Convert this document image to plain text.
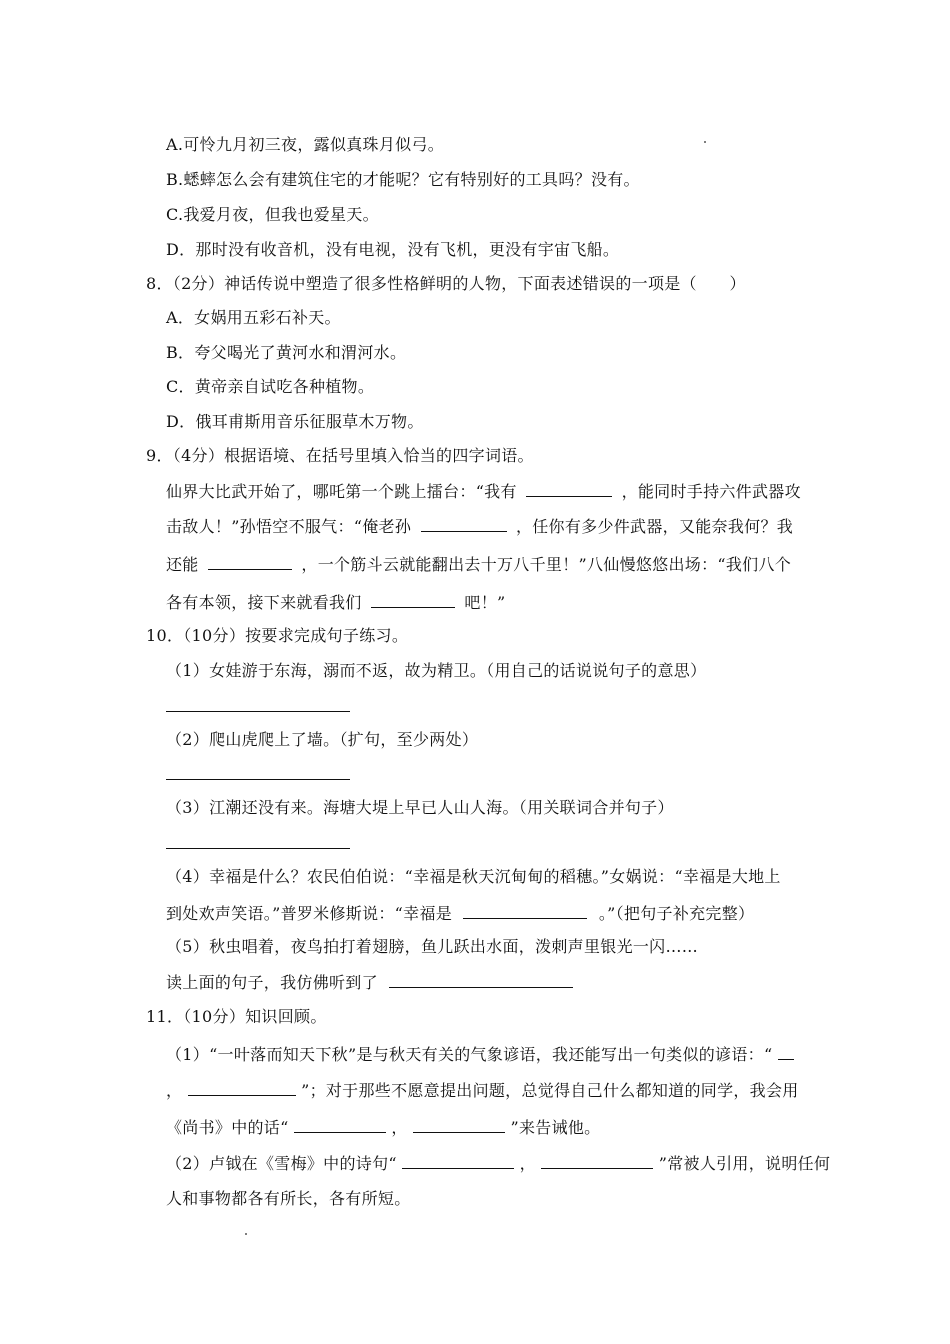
A.可怜九月初三夜，露似真珠月似弓。
B.蟋蟀怎么会有建筑住宅的才能呢？它有特别好的工具吗？没有。
C.我爱月夜，但我也爱星天。
D．那时没有收音机，没有电视，没有飞机，更没有宇宙飞船。
8．（2分）神话传说中塑造了很多性格鲜明的人物，下面表述错误的一项是（　　）
A．女娲用五彩石补天。
B．夸父喝光了黄河水和渭河水。
C．黄帝亲自试吃各种植物。
D．俄耳甫斯用音乐征服草木万物。
9．（4分）根据语境、在括号里填入恰当的四字词语。
仙界大比武开始了，哪吒第一个跳上擂台：“我有	，能同时手持六件武器攻
击敌人！”孙悟空不服气：“俺老孙	，任你有多少件武器，又能奈我何？我
还能	，一个筋斗云就能翻出去十万八千里！”八仙慢悠悠出场：“我们八个
各有本领，接下来就看我们	吧！”
10．（10分）按要求完成句子练习。
（1）女娃游于东海，溺而不返，故为精卫。（用自己的话说说句子的意思）
（2）爬山虎爬上了墙。（扩句，至少两处）
（3）江潮还没有来。海塘大堤上早已人山人海。（用关联词合并句子）
（4）幸福是什么？农民伯伯说：“幸福是秋天沉甸甸的稻穗。”女娲说：“幸福是大地上
到处欢声笑语。”普罗米修斯说：“幸福是	。”（把句子补充完整）
（5）秋虫唱着，夜鸟拍打着翅膀，鱼儿跃出水面，泼刺声里银光一闪……
读上面的句子，我仿佛听到了
11．（10分）知识回顾。
（1）“一叶落而知天下秋”是与秋天有关的气象谚语，我还能写出一句类似的谚语：“
，	”；对于那些不愿意提出问题，总觉得自己什么都知道的同学，我会用
《尚书》中的话“	，	”来告诫他。
（2）卢钺在《雪梅》中的诗句“	，	”常被人引用，说明任何
人和事物都各有所长，各有所短。
